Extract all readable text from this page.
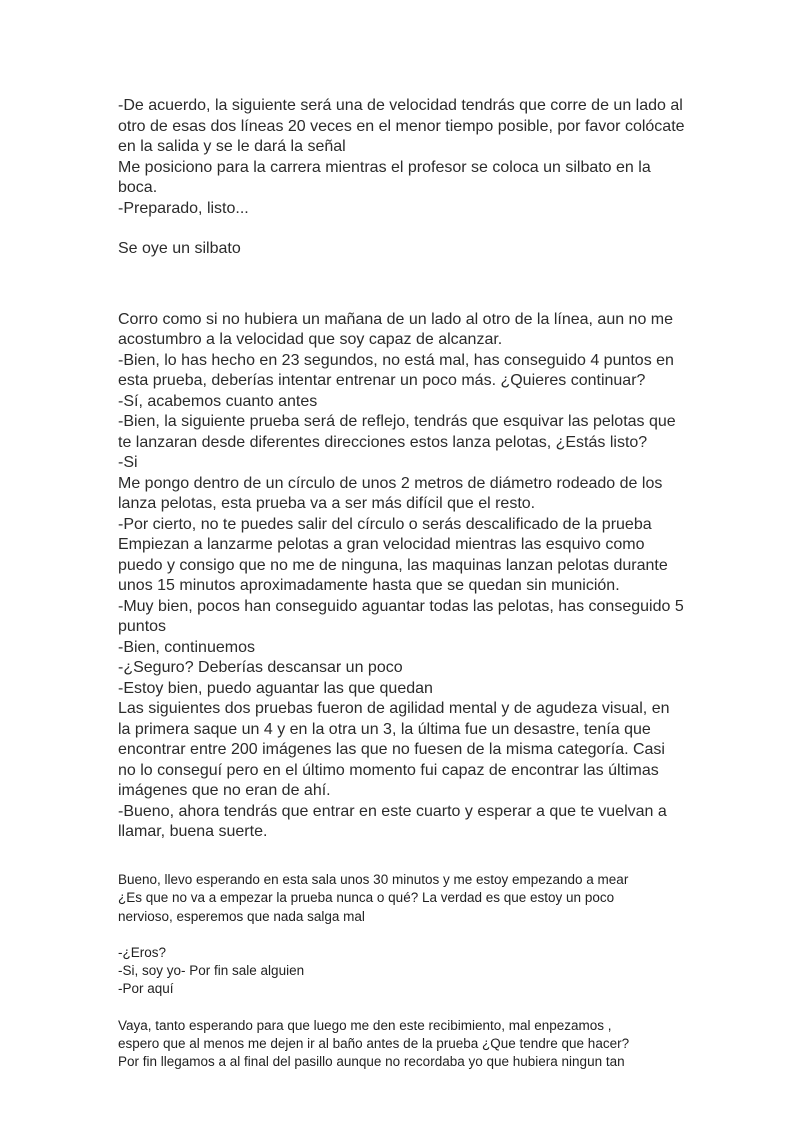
-De acuerdo, la siguiente será una de velocidad tendrás que corre de un lado al
otro de esas dos líneas 20 veces en el menor tiempo posible, por favor colócate
en la salida y se le dará la señal

Me posiciono para la carrera mientras el profesor se coloca un silbato en la
boca.

-Preparado, listo...

Se oye un silbato

Corro como si no hubiera un mañana de un lado al otro de la línea, aun no me
acostumbro a la velocidad que soy capaz de alcanzar.

-Bien, lo has hecho en 23 segundos, no está mal, has conseguido 4 puntos en
esta prueba, deberías intentar entrenar un poco más. ¿Quieres continuar?

-Sí, acabemos cuanto antes

-Bien, la siguiente prueba será de reflejo, tendrás que esquivar las pelotas que
te lanzaran desde diferentes direcciones estos lanza pelotas, ¿Estás listo?

-Si

Me pongo dentro de un círculo de unos 2 metros de diámetro rodeado de los
lanza pelotas, esta prueba va a ser más difícil que el resto.

-Por cierto, no te puedes salir del círculo o serás descalificado de la prueba

Empiezan a lanzarme pelotas a gran velocidad mientras las esquivo como
puedo y consigo que no me de ninguna, las maquinas lanzan pelotas durante
unos 15 minutos aproximadamente hasta que se quedan sin munición.

-Muy bien, pocos han conseguido aguantar todas las pelotas, has conseguido 5
puntos

-Bien, continuemos

-¿Seguro? Deberías descansar un poco

-Estoy bien, puedo aguantar las que quedan

Las siguientes dos pruebas fueron de agilidad mental y de agudeza visual, en
la primera saque un 4 y en la otra un 3, la última fue un desastre, tenía que
encontrar entre 200 imágenes las que no fuesen de la misma categoría. Casi
no lo conseguí pero en el último momento fui capaz de encontrar las últimas
imágenes que no eran de ahí.

-Bueno, ahora tendrás que entrar en este cuarto y esperar a que te vuelvan a
llamar, buena suerte.

Bueno, llevo esperando en esta sala unos 30 minutos y me estoy empezando a mear
¿Es que no va a empezar la prueba nunca o qué? La verdad es que estoy un poco
nervioso, esperemos que nada salga mal

-¿Eros?

-Si, soy yo- Por fin sale alguien

-Por aquí

Vaya, tanto esperando para que luego me den este recibimiento, mal enpezamos ,
espero que al menos me dejen ir al baño antes de la prueba ¿Que tendre que hacer?
Por fin llegamos a al final del pasillo aunque no recordaba yo que hubiera ningun tan
